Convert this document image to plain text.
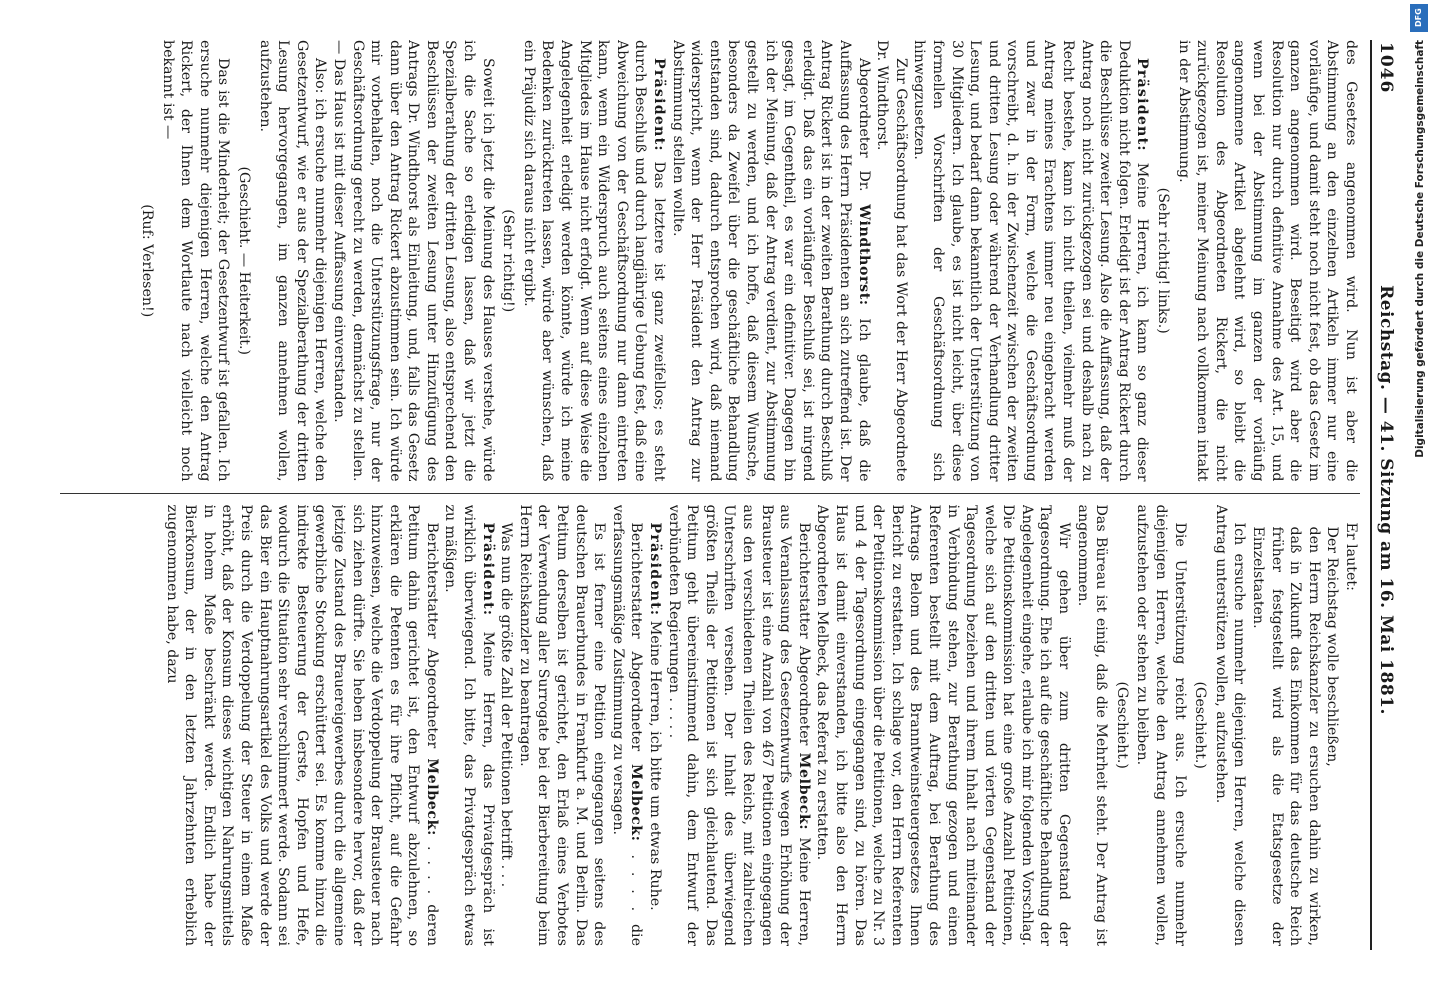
1046
Reichstag. — 41. Sitzung am 16. Mai 1881.

des Gesetzes angenommen wird. Nun ist aber die Abstimmung an den einzelnen Artikeln immer nur eine vorläufige, und damit steht noch nicht fest, ob das Gesetz im ganzen angenommen wird. Beseitigt wird aber die Resolution nur durch definitive Annahme des Art. 15, und wenn bei der Abstimmung im ganzen der vorläufig angenommene Artikel abgelehnt wird, so bleibt die Resolution des Abgeordneten Rickert, die nicht zurückgezogen ist, meiner Meinung nach vollkommen intakt in der Abstimmung.

(Sehr richtig! links.)

Präsident: Meine Herren, ich kann so ganz dieser Deduktion nicht folgen. Erledigt ist der Antrag Rickert durch die Beschlüsse zweiter Lesung. Also die Auffassung, daß der Antrag noch nicht zurückgezogen sei und deshalb nach zu Recht bestehe, kann ich nicht theilen, vielmehr muß der Antrag meines Erachtens immer neu eingebracht werden und zwar in der Form, welche die Geschäftsordnung vorschreibt, d. h. in der Zwischenzeit zwischen der zweiten und dritten Lesung oder während der Verhandlung dritter Lesung, und bedarf dann bekanntlich der Unterstützung von 30 Mitgliedern. Ich glaube, es ist nicht leicht, über diese formellen Vorschriften der Geschäftsordnung sich hinwegzusetzen.

Zur Geschäftsordnung hat das Wort der Herr Abgeordnete Dr. Windthorst.

Abgeordneter Dr. Windthorst: Ich glaube, daß die Auffassung des Herrn Präsidenten an sich zutreffend ist. Der Antrag Rickert ist in der zweiten Berathung durch Beschluß erledigt. Daß das ein vorläufiger Beschluß sei, ist nirgend gesagt, im Gegentheil, es war ein definitiver. Dagegen bin ich der Meinung, daß der Antrag verdient, zur Abstimmung gestellt zu werden, und ich hoffe, daß diesem Wunsche, besonders da Zweifel über die geschäftliche Behandlung entstanden sind, dadurch entsprochen wird, daß niemand widerspricht, wenn der Herr Präsident den Antrag zur Abstimmung stellen wollte.

Präsident: Das letztere ist ganz zweifellos; es steht durch Beschluß und durch langjährige Uebung fest, daß eine Abweichung von der Geschäftsordnung nur dann eintreten kann, wenn ein Widerspruch auch seitens eines einzelnen Mitgliedes im Hause nicht erfolgt. Wenn auf diese Weise die Angelegenheit erledigt werden könnte, würde ich meine Bedenken zurücktreten lassen, würde aber wünschen, daß ein Präjudiz sich daraus nicht ergibt.

(Sehr richtig!)

Soweit ich jetzt die Meinung des Hauses verstehe, würde ich die Sache so erledigen lassen, daß wir jetzt die Spezialberathung der dritten Lesung, also entsprechend den Beschlüssen der zweiten Lesung unter Hinzufügung des Antrags Dr. Windthorst als Einleitung, und, falls das Gesetz dann über den Antrag Rickert abzustimmen sein. Ich würde mir vorbehalten, noch die Unterstützungsfrage, nur der Geschäftsordnung gerecht zu werden, demnächst zu stellen. — Das Haus ist mit dieser Auffassung einverstanden.

Also: ich ersuche nunmehr diejenigen Herren, welche den Gesetzentwurf, wie er aus der Spezialberathung der dritten Lesung hervorgegangen, im ganzen annehmen wollen, aufzustehen.

(Geschieht. — Heiterkeit.)

Das ist die Minderheit; der Gesetzentwurf ist gefallen. Ich ersuche nunmehr diejenigen Herren, welche den Antrag Rickert, der Ihnen dem Wortlaute nach vielleicht noch bekannt ist —

(Ruf: Verlesen!)

Er lautet:

Der Reichstag wolle beschließen,

den Herrn Reichskanzler zu ersuchen dahin zu wirken, daß in Zukunft das Einkommen für das deutsche Reich früher festgestellt wird als die Etatsgesetze der Einzelstaaten.

Ich ersuche nunmehr diejenigen Herren, welche diesen Antrag unterstützen wollen, aufzustehen.

(Geschieht.)

Die Unterstützung reicht aus. Ich ersuche nunmehr diejenigen Herren, welche den Antrag annehmen wollen, aufzustehen oder stehen zu bleiben.

(Geschieht.)

Das Büreau ist einig, daß die Mehrheit steht. Der Antrag ist angenommen.

Wir gehen über zum dritten Gegenstand der Tagesordnung. Ehe ich auf die geschäftliche Behandlung der Angelegenheit eingehe, erlaube ich mir folgenden Vorschlag. Die Petitionskommission hat eine große Anzahl Petitionen, welche sich auf den dritten und vierten Gegenstand der Tagesordnung beziehen und ihrem Inhalt nach miteinander in Verbindung stehen, zur Berathung gezogen und einen Referenten bestellt mit dem Auftrag, bei Berathung des Antrags Belom und des Branntweinsteuergesetzes Ihnen Bericht zu erstatten. Ich schlage vor, den Herrn Referenten der Petitionskommission über die Petitionen, welche zu Nr. 3 und 4 der Tagesordnung eingegangen sind, zu hören. Das Haus ist damit einverstanden, ich bitte also den Herrn Abgeordneten Melbeck, das Referat zu erstatten.

Berichterstatter Abgeordneter Melbeck: Meine Herren, aus Veranlassung des Gesetzentwurfs wegen Erhöhung der Brausteuer ist eine Anzahl von 467 Petitionen eingegangen aus den verschiedenen Theilen des Reichs, mit zahlreichen Unterschriften versehen. Der Inhalt des überwiegend größten Theils der Petitionen ist sich gleichlautend. Das Petitum geht übereinstimmend dahin, dem Entwurf der verbündeten Regierungen . . . . .

Präsident: Meine Herren, ich bitte um etwas Ruhe.

Berichterstatter Abgeordneter Melbeck: . . . . die verfassungsmäßige Zustimmung zu versagen.

Es ist ferner eine Petition eingegangen seitens des deutschen Brauerbundes in Frankfurt a. M. und Berlin. Das Petitum derselben ist gerichtet, den Erlaß eines Verbotes der Verwendung aller Surrogate bei der Bierbereitung beim Herrn Reichskanzler zu beantragen.

Was nun die größte Zahl der Petitionen betrifft . . .

Präsident: Meine Herren, das Privatgespräch ist wirklich überwiegend. Ich bitte, das Privatgespräch etwas zu mäßigen.

Berichterstatter Abgeordneter Melbeck: . . . . deren Petitum dahin gerichtet ist, den Entwurf abzulehnen, so erklären die Petenten es für ihre Pflicht, auf die Gefahr hinzuweisen, welche die Verdoppelung der Brausteuer nach sich ziehen dürfte. Sie heben insbesondere hervor, daß der jetzige Zustand des Brauereigewerbes durch die allgemeine gewerbliche Stockung erschüttert sei. Es komme hinzu die indirekte Besteuerung der Gerste, Hopfen und Hefe, wodurch die Situation sehr verschlimmert werde. Sodann sei das Bier ein Hauptnahrungsartikel des Volks und werde der Preis durch die Verdoppelung der Steuer in einem Maße erhöht, daß der Konsum dieses wichtigen Nahrungsmittels in hohem Maße beschränkt werde. Endlich habe der Bierkonsum, der in den letzten Jahrzehnten erheblich zugenommen habe, dazu

DFG
Digitalisierung gefördert durch die Deutsche Forschungsgemeinschaft
